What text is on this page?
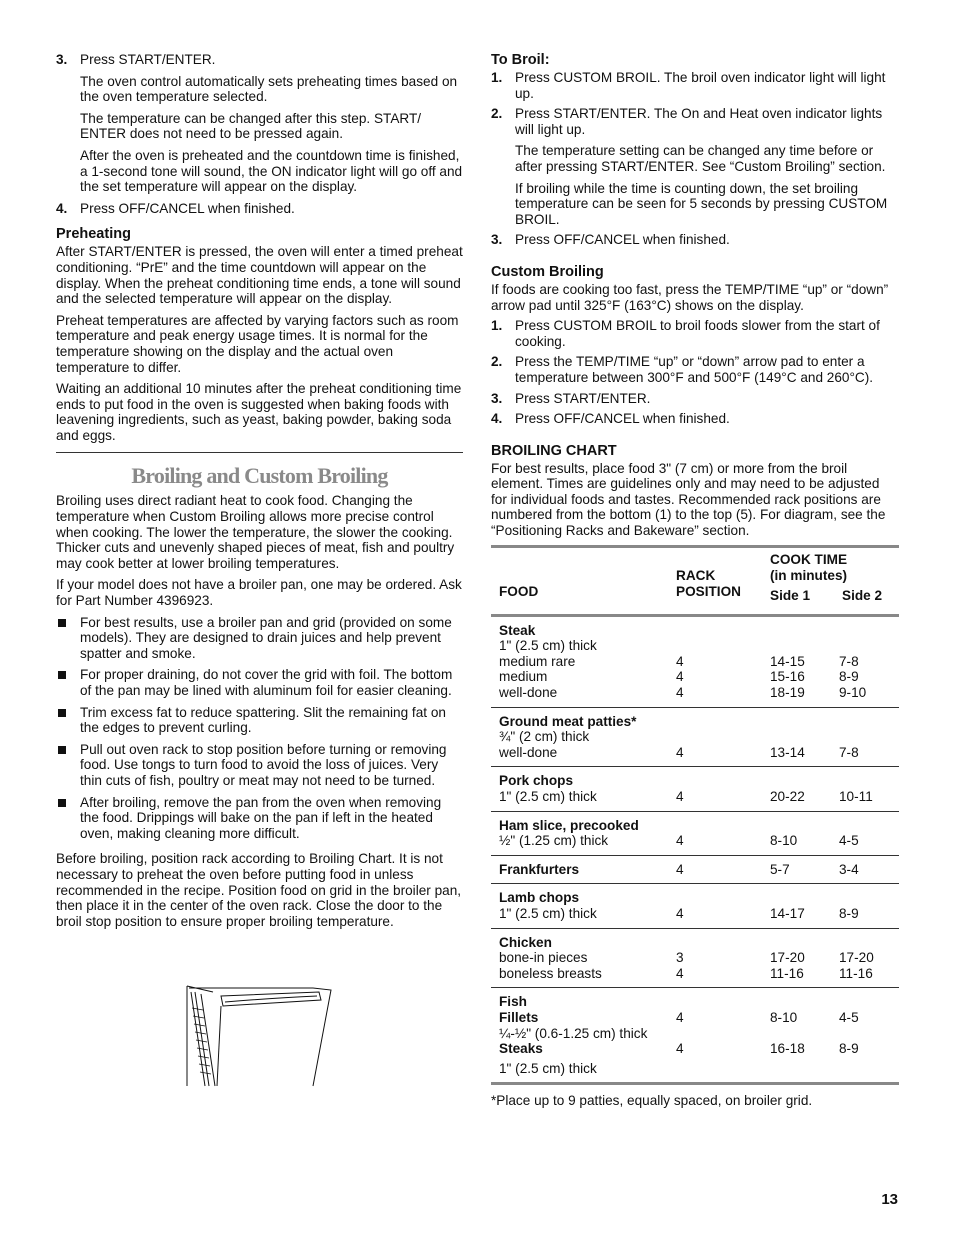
3. Press START/ENTER.

The oven control automatically sets preheating times based on the oven temperature selected.

The temperature can be changed after this step. START/ ENTER does not need to be pressed again.

After the oven is preheated and the countdown time is finished, a 1-second tone will sound, the ON indicator light will go off and the set temperature will appear on the display.

4. Press OFF/CANCEL when finished.

Preheating

After START/ENTER is pressed, the oven will enter a timed preheat conditioning. “PrE” and the time countdown will appear on the display. When the preheat conditioning time ends, a tone will sound and the selected temperature will appear on the display.

Preheat temperatures are affected by varying factors such as room temperature and peak energy usage times. It is normal for the temperature showing on the display and the actual oven temperature to differ.

Waiting an additional 10 minutes after the preheat conditioning time ends to put food in the oven is suggested when baking foods with leavening ingredients, such as yeast, baking powder, baking soda and eggs.

Broiling and Custom Broiling

Broiling uses direct radiant heat to cook food. Changing the temperature when Custom Broiling allows more precise control when cooking. The lower the temperature, the slower the cooking. Thicker cuts and unevenly shaped pieces of meat, fish and poultry may cook better at lower broiling temperatures.

If your model does not have a broiler pan, one may be ordered. Ask for Part Number 4396923.

For best results, use a broiler pan and grid (provided on some models). They are designed to drain juices and help prevent spatter and smoke.

For proper draining, do not cover the grid with foil. The bottom of the pan may be lined with aluminum foil for easier cleaning.

Trim excess fat to reduce spattering. Slit the remaining fat on the edges to prevent curling.

Pull out oven rack to stop position before turning or removing food. Use tongs to turn food to avoid the loss of juices. Very thin cuts of fish, poultry or meat may not need to be turned.

After broiling, remove the pan from the oven when removing the food. Drippings will bake on the pan if left in the heated oven, making cleaning more difficult.

Before broiling, position rack according to Broiling Chart. It is not necessary to preheat the oven before putting food in unless recommended in the recipe. Position food on grid in the broiler pan, then place it in the center of the oven rack. Close the door to the broil stop position to ensure proper broiling temperature.

To Broil:
1. Press CUSTOM BROIL. The broil oven indicator light will light up.

2. Press START/ENTER. The On and Heat oven indicator lights will light up.

The temperature setting can be changed any time before or after pressing START/ENTER. See “Custom Broiling” section.

If broiling while the time is counting down, the set broiling temperature can be seen for 5 seconds by pressing CUSTOM BROIL.

3. Press OFF/CANCEL when finished.

Custom Broiling

If foods are cooking too fast, press the TEMP/TIME “up” or “down” arrow pad until 325°F (163°C) shows on the display.

1. Press CUSTOM BROIL to broil foods slower from the start of cooking.

2. Press the TEMP/TIME “up” or “down” arrow pad to enter a temperature between 300°F and 500°F (149°C and 260°C).

3. Press START/ENTER.

4. Press OFF/CANCEL when finished.

BROILING CHART

For best results, place food 3" (7 cm) or more from the broil element. Times are guidelines only and may need to be adjusted for individual foods and tastes. Recommended rack positions are numbered from the bottom (1) to the top (5). For diagram, see the “Positioning Racks and Bakeware” section.

FOOD
RACK
POSITION
COOK TIME
(in minutes)
Side 1 Side 2
Steak
1" (2.5 cm) thick
medium rare	4	14-15	7-8
medium	4	15-16	8-9
well-done	4	18-19	9-10
Ground meat patties*
¾" (2 cm) thick
well-done	4	13-14	7-8
Pork chops
1" (2.5 cm) thick	4	20-22	10-11
Ham slice, precooked
½" (1.25 cm) thick	4	8-10	4-5
Frankfurters	4	5-7	3-4
Lamb chops
1" (2.5 cm) thick	4	14-17	8-9
Chicken
bone-in pieces	3	17-20	17-20
boneless breasts	4	11-16	11-16
Fish
Fillets	4	8-10	4-5
¼-½" (0.6-1.25 cm) thick
Steaks	4	16-18	8-9
1" (2.5 cm) thick

*Place up to 9 patties, equally spaced, on broiler grid.

13
